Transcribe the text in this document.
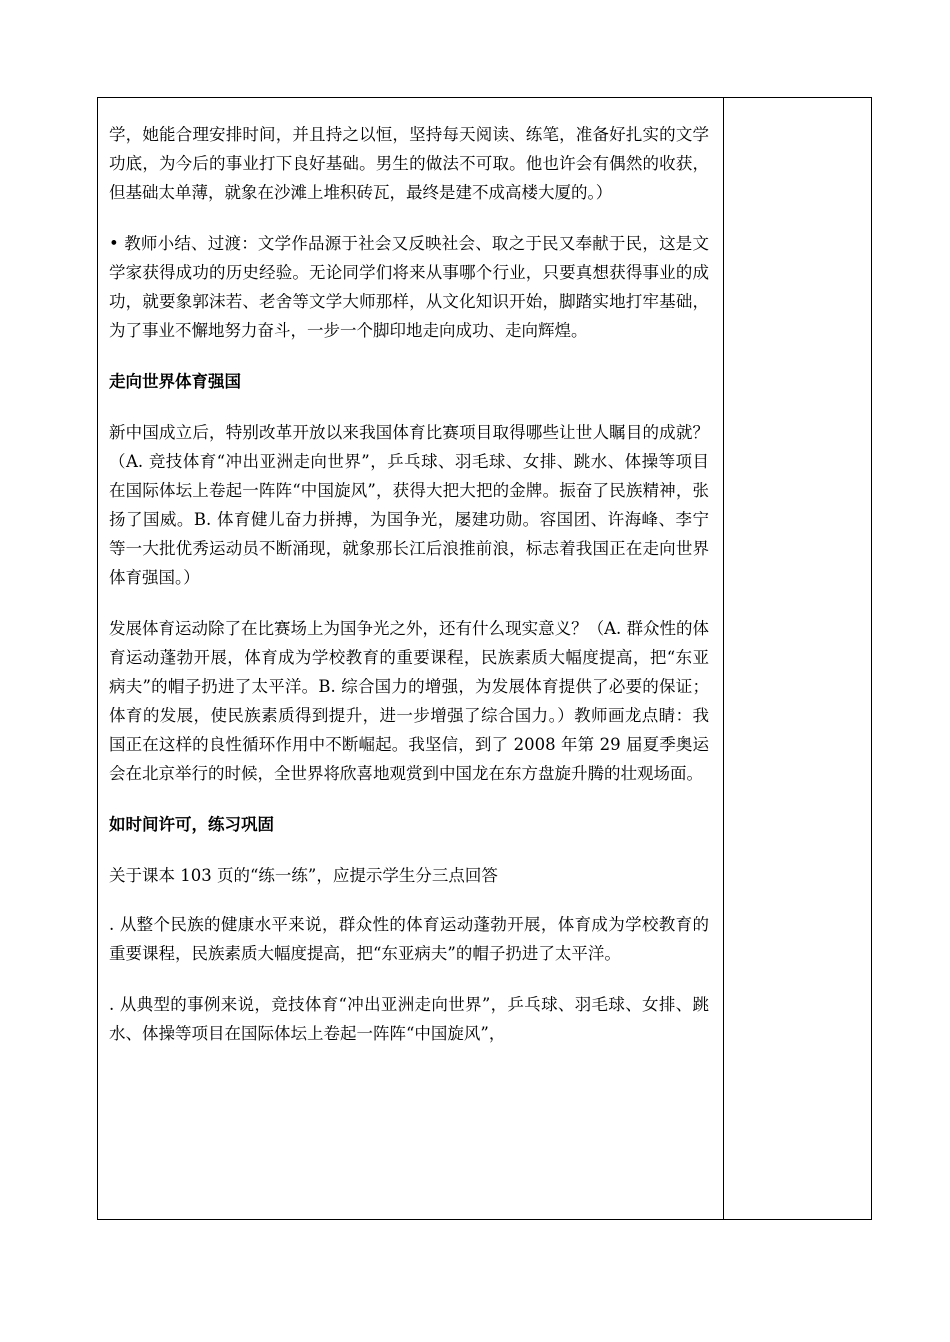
学，她能合理安排时间，并且持之以恒，坚持每天阅读、练笔，准备好扎实的文学功底，为今后的事业打下良好基础。男生的做法不可取。他也许会有偶然的收获，但基础太单薄，就象在沙滩上堆积砖瓦，最终是建不成高楼大厦的。）

• 教师小结、过渡：文学作品源于社会又反映社会、取之于民又奉献于民，这是文学家获得成功的历史经验。无论同学们将来从事哪个行业，只要真想获得事业的成功，就要象郭沫若、老舍等文学大师那样，从文化知识开始，脚踏实地打牢基础，为了事业不懈地努力奋斗，一步一个脚印地走向成功、走向辉煌。

走向世界体育强国

新中国成立后，特别改革开放以来我国体育比赛项目取得哪些让世人瞩目的成就？（A. 竞技体育“冲出亚洲走向世界”，乒乓球、羽毛球、女排、跳水、体操等项目在国际体坛上卷起一阵阵“中国旋风”，获得大把大把的金牌。振奋了民族精神，张扬了国威。B. 体育健儿奋力拼搏，为国争光，屡建功勋。容国团、许海峰、李宁等一大批优秀运动员不断涌现，就象那长江后浪推前浪，标志着我国正在走向世界体育强国。）

发展体育运动除了在比赛场上为国争光之外，还有什么现实意义？（A. 群众性的体育运动蓬勃开展，体育成为学校教育的重要课程，民族素质大幅度提高，把“东亚病夫”的帽子扔进了太平洋。B. 综合国力的增强，为发展体育提供了必要的保证；体育的发展，使民族素质得到提升，进一步增强了综合国力。）教师画龙点睛：我国正在这样的良性循环作用中不断崛起。我坚信，到了 2008 年第 29 届夏季奥运会在北京举行的时候，全世界将欣喜地观赏到中国龙在东方盘旋升腾的壮观场面。

如时间许可，练习巩固

关于课本 103 页的“练一练”，应提示学生分三点回答

. 从整个民族的健康水平来说，群众性的体育运动蓬勃开展，体育成为学校教育的重要课程，民族素质大幅度提高，把“东亚病夫”的帽子扔进了太平洋。

. 从典型的事例来说，竞技体育“冲出亚洲走向世界”，乒乓球、羽毛球、女排、跳水、体操等项目在国际体坛上卷起一阵阵“中国旋风”，
